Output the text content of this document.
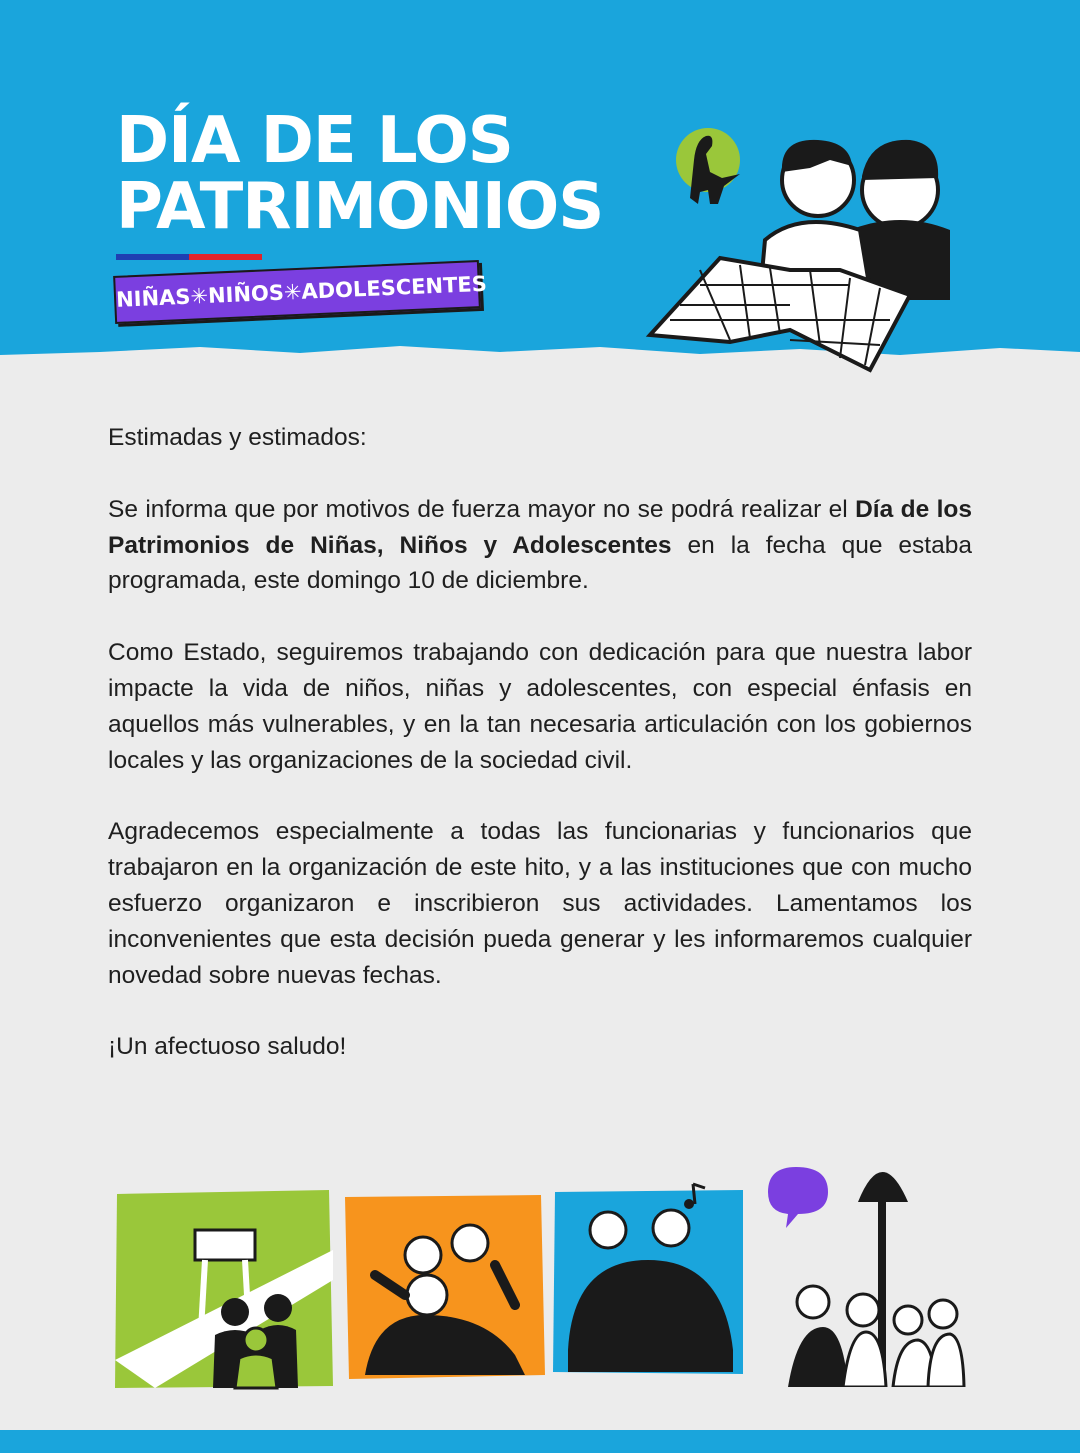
DÍA DE LOS
PATRIMONIOS
NIÑAS✳NIÑOS✳ADOLESCENTES

Estimadas y estimados:

Se informa que por motivos de fuerza mayor no se podrá realizar el Día de los Patrimonios de Niñas, Niños y Adolescentes en la fecha que estaba programada, este domingo 10 de diciembre.

Como Estado, seguiremos trabajando con dedicación para que nuestra labor impacte la vida de niños, niñas y adolescentes, con especial énfasis en aquellos más vulnerables, y en la tan necesaria articulación con los gobiernos locales y las organizaciones de la sociedad civil.

Agradecemos especialmente a todas las funcionarias y funcionarios que trabajaron en la organización de este hito, y a las instituciones que con mucho esfuerzo organizaron e inscribieron sus actividades. Lamentamos los inconvenientes que esta decisión pueda generar y les informaremos cualquier novedad sobre nuevas fechas.

¡Un afectuoso saludo!
